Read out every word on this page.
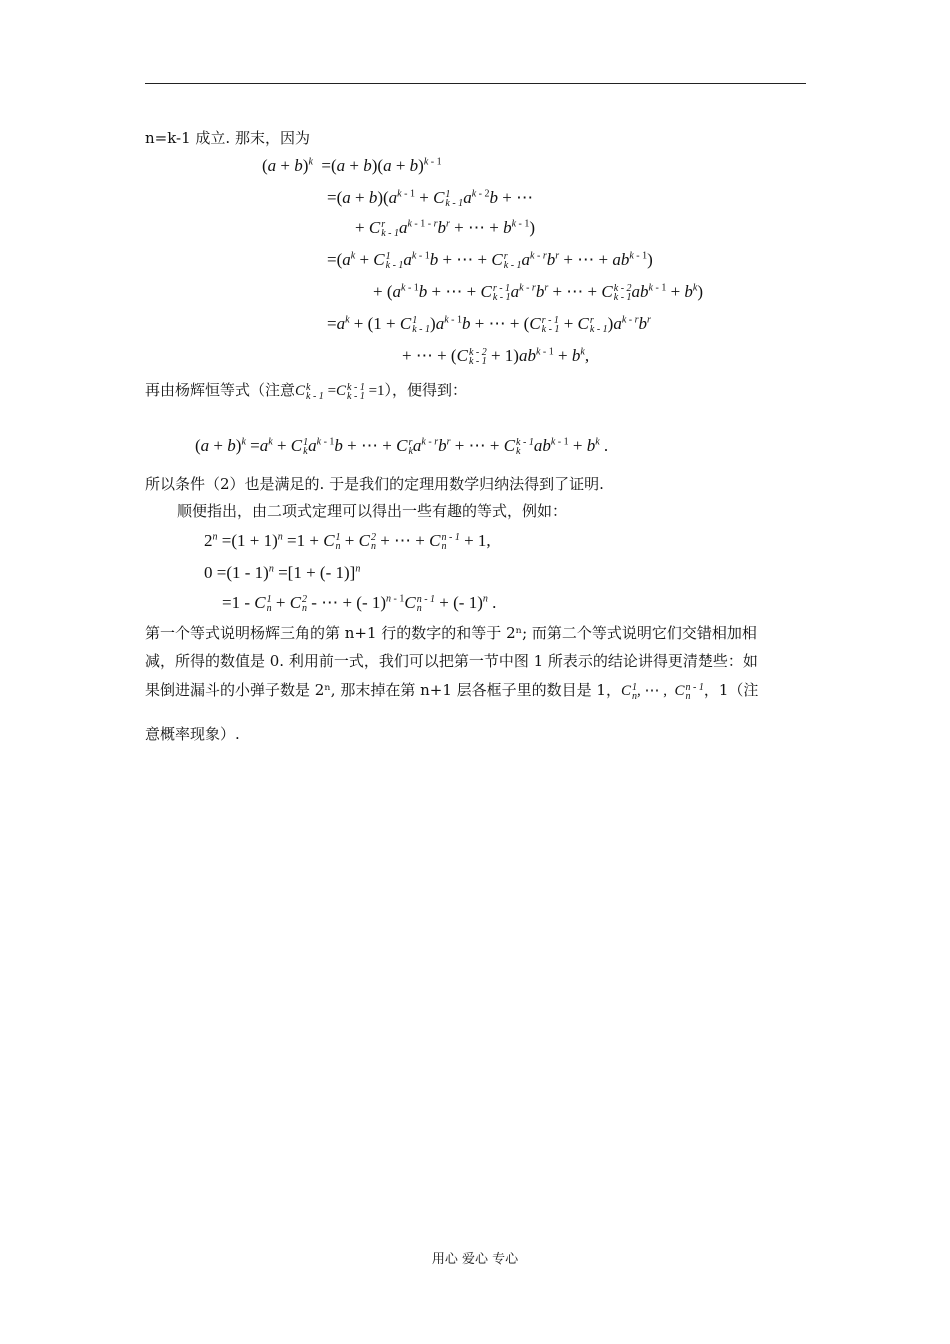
n=k-1 成立. 那末，因为
$(a + b)^k =(a + b)(a + b)^{k - 1}$
$=(a + b)(a^{k - 1} + C$ 1
k - 1 $a^{k - 2}b$ + ⋯
+ C r
k - 1 $a^{k - 1 - r}b^r$ + ⋯ + $b^{k - 1}$)
$=(a^k + C$ 1
k - 1 $a^{k - 1}b$ + ⋯ + C r
k - 1 $a^{k - r}b^r$ + ⋯ + $ab^{k - 1}$)
+ ($a^{k - 1}b$ + ⋯ + C r - 1
k - 1 $a^{k - r}b^r$ + ⋯ + C k - 2
k - 1 $ab^{k - 1} + b^k$)
$=a^k + (1 + C$ 1
k - 1 )$a^{k - 1}b$ + ⋯ + (C r - 1
k - 1 + C r
k - 1 )$a^{k - r}b^r$
+ ⋯ + (C k - 2
$k - 1 + 1)ab^{k - 1} + b^k$,
再由杨辉恒等式（注意C k
k - 1 =C k - 1
k - 1 =1），便得到：
$(a + b)^k =a^k + C$ 1
k $a^{k - 1}b$ + ⋯ + C r
k $a^{k - r}b^r$ + ⋯ + C k - 1
k $ab^{k - 1} + b^k$ .
所以条件（2）也是满足的. 于是我们的定理用数学归纳法得到了证明.
顺便指出，由二项式定理可以得出一些有趣的等式，例如：
$2^n =(1 + 1)^n =1 + C$ 1
n + C 2
n + ⋯ + C n - 1
n + 1,
0 =(1 - 1)$^n$ =[1 + (- 1)]$^n$
=1 - C 1
n + C 2
n - ⋯ + (- 1)$^{n - 1}$C n - 1
n + (- 1)$^n$ .
第一个等式说明杨辉三角的第 n+1 行的数字的和等于 2ⁿ; 而第二个等式说明它们交错相加相
减，所得的数值是 0. 利用前一式，我们可以把第一节中图 1 所表示的结论讲得更清楚些：如
果倒进漏斗的小弹子数是 2ⁿ, 那末掉在第 n+1 层各框子里的数目是 1，C 1
n , ⋯ ,  C n - 1
n ，1（注
意概率现象）.
用心 爱心 专心
